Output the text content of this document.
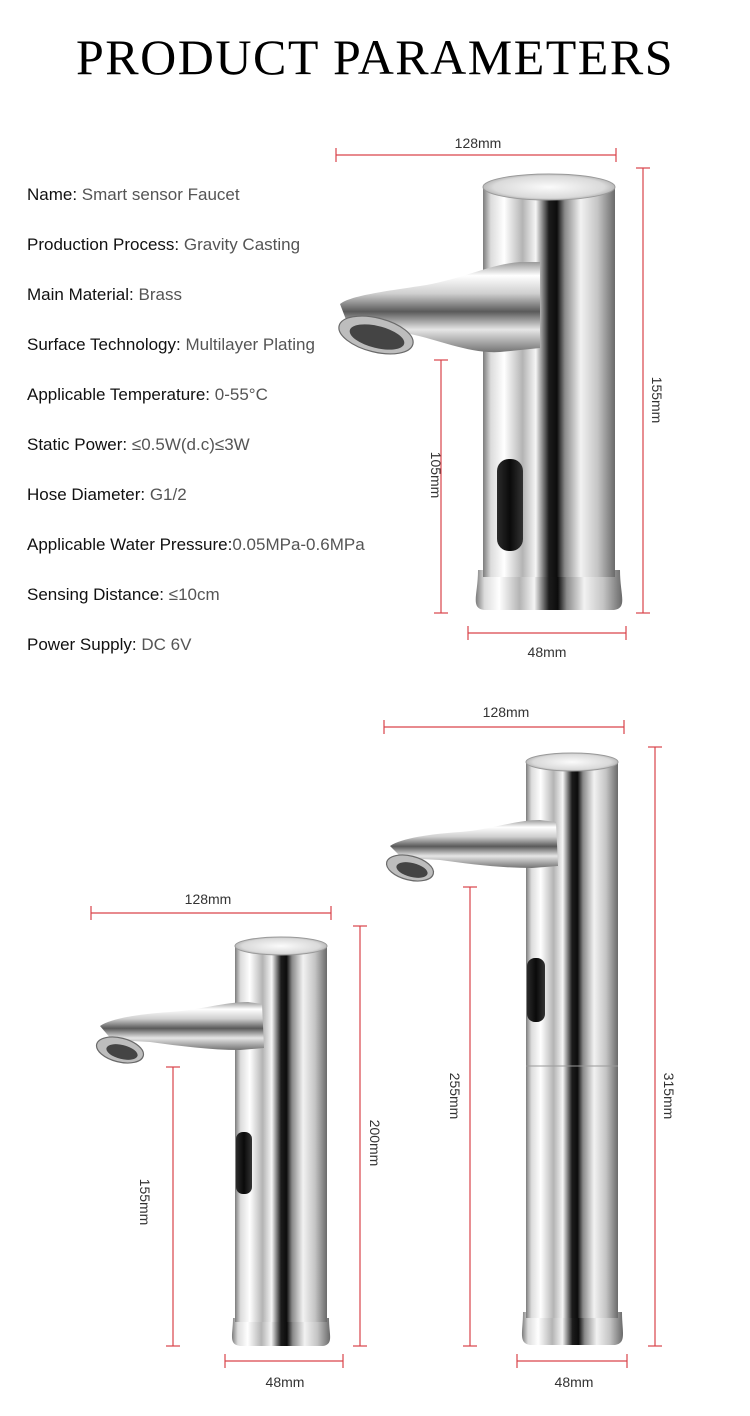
PRODUCT PARAMETERS
Name: Smart sensor Faucet
Production Process: Gravity Casting
Main Material: Brass
Surface Technology: Multilayer Plating
Applicable Temperature: 0-55°C
Static Power: ≤0.5W(d.c)≤3W
Hose Diameter: G1/2
Applicable Water Pressure:0.05MPa-0.6MPa
Sensing Distance: ≤10cm
Power Supply: DC 6V
128mm
155mm
105mm
48mm
128mm
315mm
255mm
48mm
128mm
200mm
155mm
48mm
